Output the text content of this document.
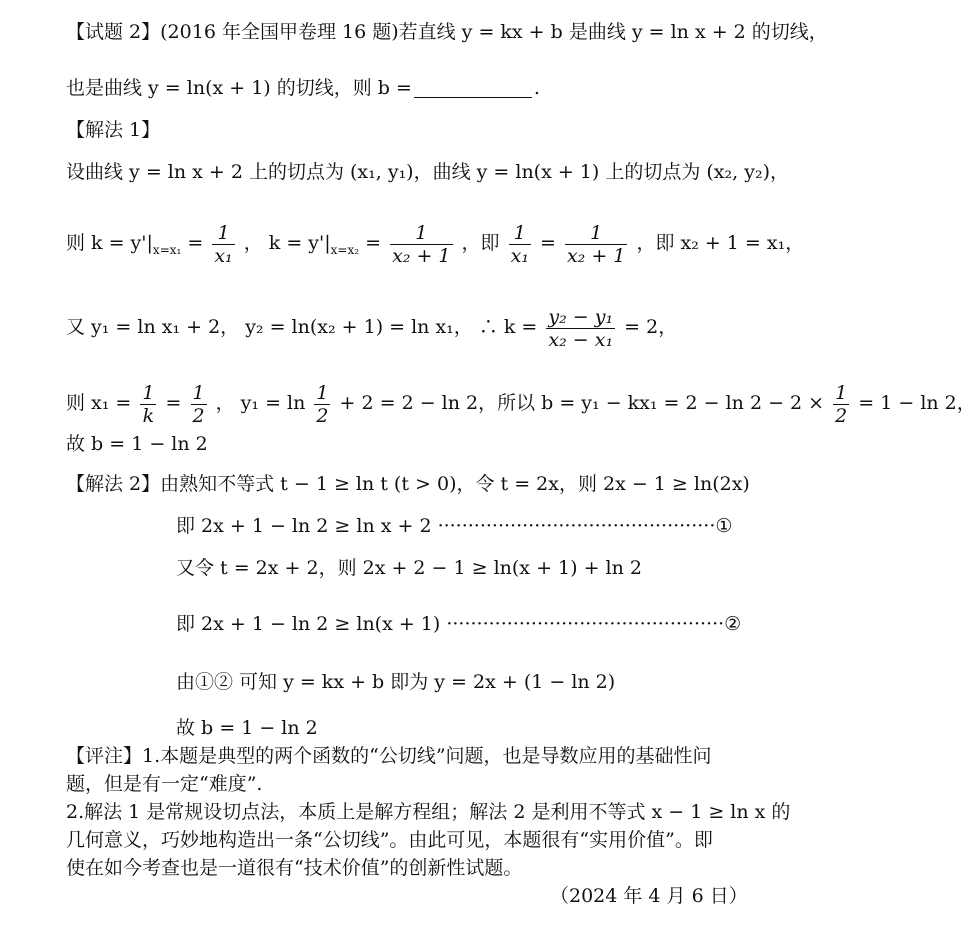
【试题 2】(2016 年全国甲卷理 16 题)若直线 y = kx + b 是曲线 y = ln x + 2 的切线，
也是曲线 y = ln(x + 1) 的切线，则 b =	.
【解法 1】
设曲线 y = ln x + 2 上的切点为 (x₁, y₁)，曲线 y = ln(x + 1) 上的切点为 (x₂, y₂)，
则 $k = y'|_{x=x_1} = \frac{1}{\text{x₁}}$ ， $k = y'|_{x=x_2} = \frac{1}{\text{x₂ + 1}}$ ，即 $\frac{1}{\text{x₁}} = \frac{1}{\text{x₂ + 1}}$ ，即 x₂ + 1 = x₁，
又 y₁ = ln x₁ + 2， y₂ = ln(x₂ + 1) = ln x₁， ∴ $k = \frac{\text{y₂ − y₁}}{\text{x₂ − x₁}} = 2$，
则 $x_1 = \frac{1}{k} = \frac{1}{2}$ ， $y_1 = \ln \frac{1}{2} + 2 = 2 - \ln 2$，所以 $b = y_1 - kx_1 = 2 - \ln 2 - 2 \times \frac{1}{2} = 1 - \ln 2$，
故 b = 1 − ln 2
【解法 2】由熟知不等式 t − 1 ≥ ln t (t > 0)，令 t = 2x，则 2x − 1 ≥ ln(2x)
即 2x + 1 − ln 2 ≥ ln x + 2 ··············································①
又令 t = 2x + 2，则 2x + 2 − 1 ≥ ln(x + 1) + ln 2
即 2x + 1 − ln 2 ≥ ln(x + 1) ··············································②
由①② 可知 y = kx + b 即为 y = 2x + (1 − ln 2)
故 b = 1 − ln 2
【评注】1.本题是典型的两个函数的“公切线”问题，也是导数应用的基础性问
题，但是有一定“难度”.
2.解法 1 是常规设切点法，本质上是解方程组；解法 2 是利用不等式 x − 1 ≥ ln x 的
几何意义，巧妙地构造出一条“公切线”。由此可见，本题很有“实用价值”。即
使在如今考查也是一道很有“技术价值”的创新性试题。
（2024 年 4 月 6 日）
